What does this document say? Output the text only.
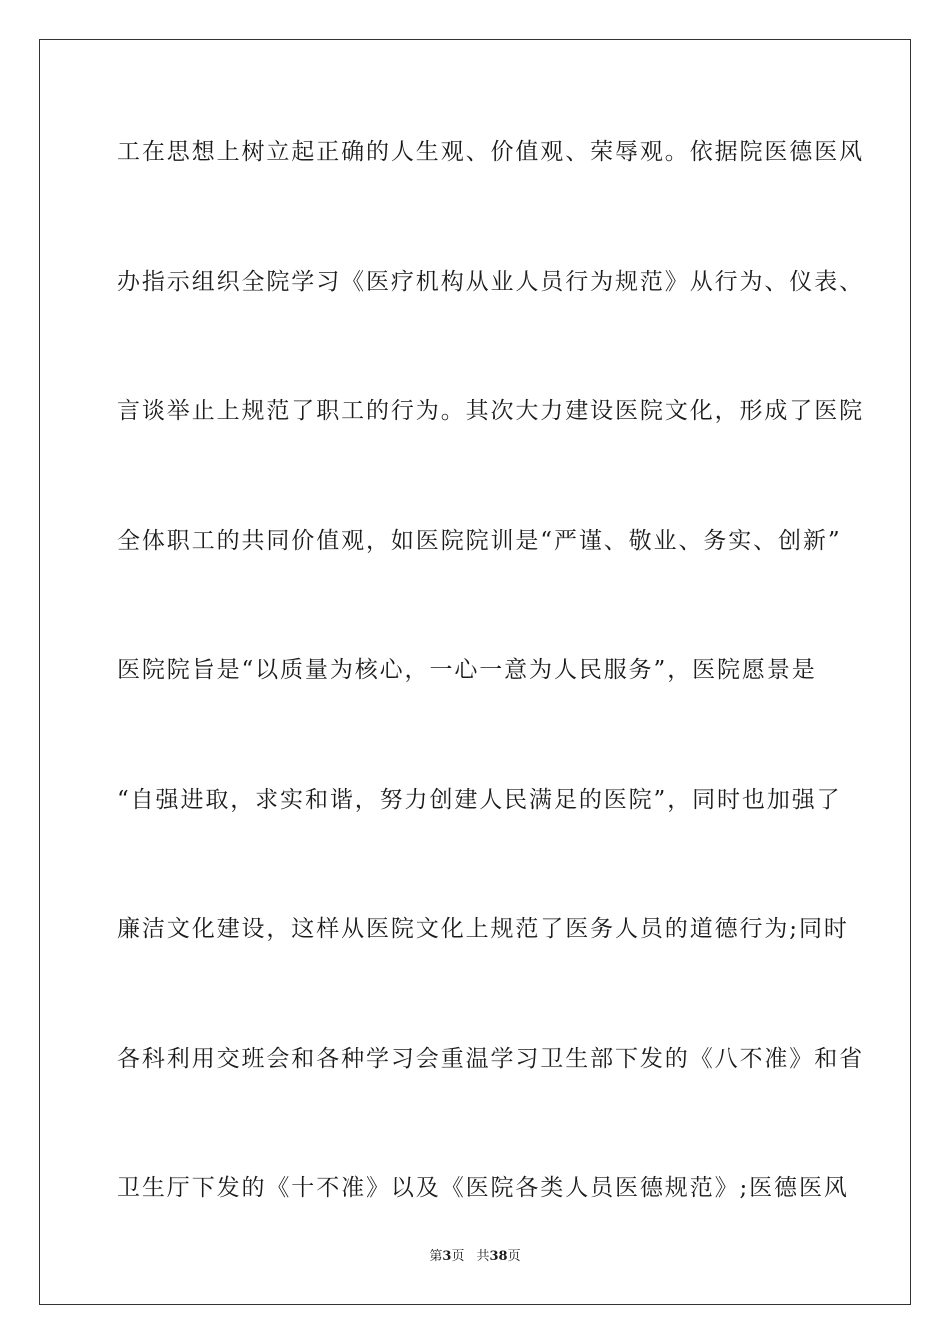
工在思想上树立起正确的人生观、价值观、荣辱观。依据院医德医风
办指示组织全院学习《医疗机构从业人员行为规范》从行为、仪表、
言谈举止上规范了职工的行为。其次大力建设医院文化，形成了医院
全体职工的共同价值观，如医院院训是“严谨、敬业、务实、创新”
医院院旨是“以质量为核心，一心一意为人民服务”，医院愿景是
“自强进取，求实和谐，努力创建人民满足的医院”，同时也加强了
廉洁文化建设，这样从医院文化上规范了医务人员的道德行为;同时
各科利用交班会和各种学习会重温学习卫生部下发的《八不准》和省
卫生厅下发的《十不准》以及《医院各类人员医德规范》;医德医风
第3页 共38页
